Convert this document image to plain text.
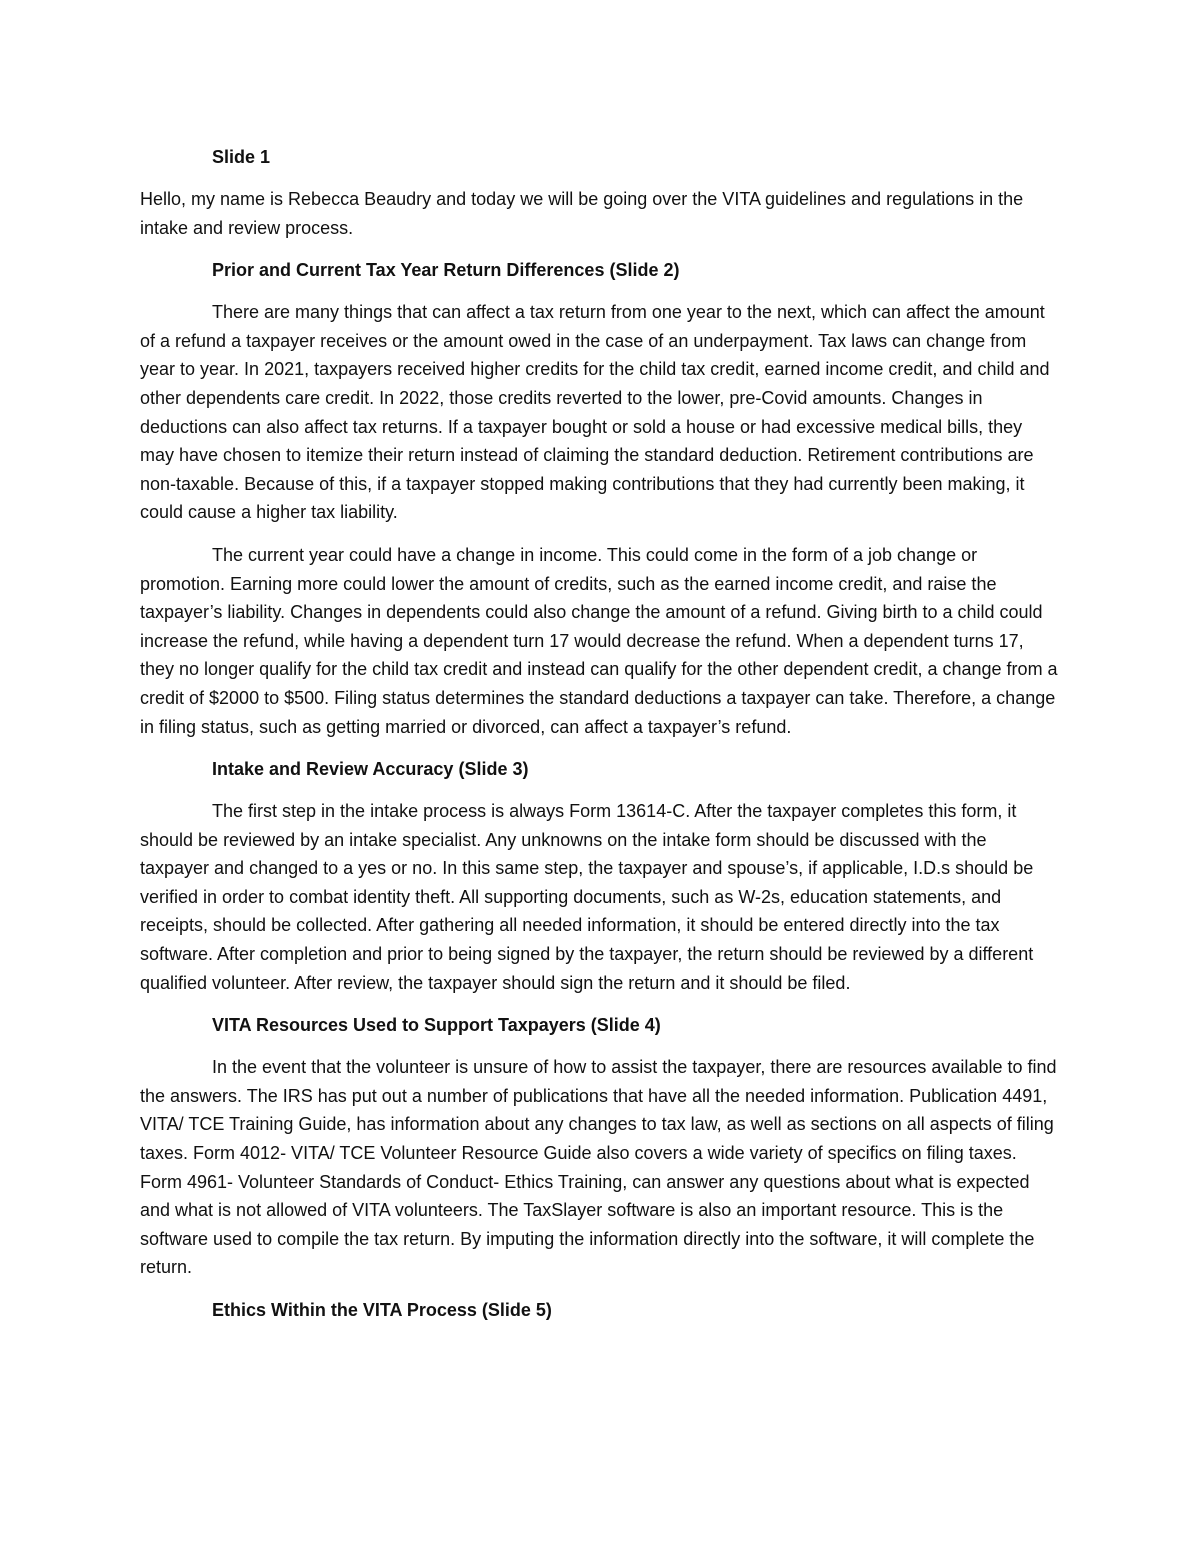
Slide 1

Hello, my name is Rebecca Beaudry and today we will be going over the VITA guidelines and regulations in the intake and review process.

Prior and Current Tax Year Return Differences (Slide 2)

There are many things that can affect a tax return from one year to the next, which can affect the amount of a refund a taxpayer receives or the amount owed in the case of an underpayment. Tax laws can change from year to year. In 2021, taxpayers received higher credits for the child tax credit, earned income credit, and child and other dependents care credit. In 2022, those credits reverted to the lower, pre-Covid amounts. Changes in deductions can also affect tax returns. If a taxpayer bought or sold a house or had excessive medical bills, they may have chosen to itemize their return instead of claiming the standard deduction. Retirement contributions are non-taxable. Because of this, if a taxpayer stopped making contributions that they had currently been making, it could cause a higher tax liability.

The current year could have a change in income. This could come in the form of a job change or promotion. Earning more could lower the amount of credits, such as the earned income credit, and raise the taxpayer’s liability. Changes in dependents could also change the amount of a refund. Giving birth to a child could increase the refund, while having a dependent turn 17 would decrease the refund. When a dependent turns 17, they no longer qualify for the child tax credit and instead can qualify for the other dependent credit, a change from a credit of $2000 to $500. Filing status determines the standard deductions a taxpayer can take. Therefore, a change in filing status, such as getting married or divorced, can affect a taxpayer’s refund.

Intake and Review Accuracy (Slide 3)

The first step in the intake process is always Form 13614-C. After the taxpayer completes this form, it should be reviewed by an intake specialist. Any unknowns on the intake form should be discussed with the taxpayer and changed to a yes or no. In this same step, the taxpayer and spouse’s, if applicable, I.D.s should be verified in order to combat identity theft. All supporting documents, such as W-2s, education statements, and receipts, should be collected. After gathering all needed information, it should be entered directly into the tax software. After completion and prior to being signed by the taxpayer, the return should be reviewed by a different qualified volunteer. After review, the taxpayer should sign the return and it should be filed.

VITA Resources Used to Support Taxpayers (Slide 4)

In the event that the volunteer is unsure of how to assist the taxpayer, there are resources available to find the answers. The IRS has put out a number of publications that have all the needed information. Publication 4491, VITA/ TCE Training Guide, has information about any changes to tax law, as well as sections on all aspects of filing taxes. Form 4012- VITA/ TCE Volunteer Resource Guide also covers a wide variety of specifics on filing taxes. Form 4961- Volunteer Standards of Conduct- Ethics Training, can answer any questions about what is expected and what is not allowed of VITA volunteers. The TaxSlayer software is also an important resource. This is the software used to compile the tax return. By imputing the information directly into the software, it will complete the return.

Ethics Within the VITA Process (Slide 5)
